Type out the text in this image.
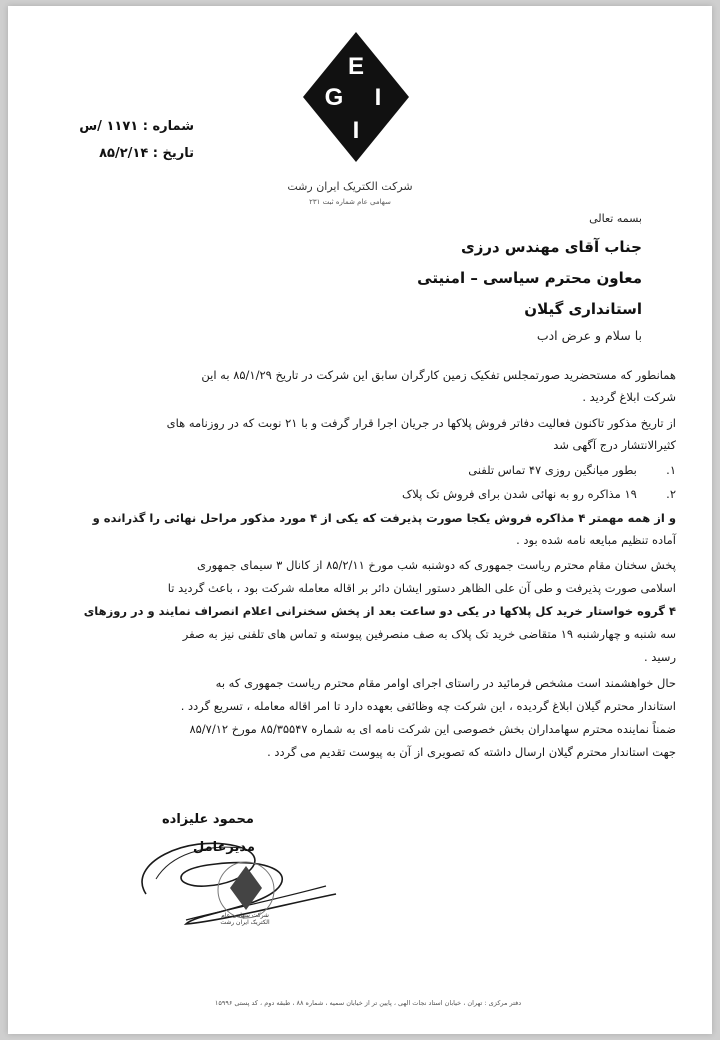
E
G I
I
شرکت الکتریک ایران رشت
سهامی عام شماره ثبت ۲۳۱
شماره : ۱۱۷۱ /س
تاریخ : ۸۵/۲/۱۴
بسمه تعالی
جناب آقای مهندس درزی
معاون محترم سیاسی – امنیتی
استانداری گیلان
با سلام و عرض ادب
همانطور که مستحضرید صورتمجلس تفکیک زمین کارگران سابق این شرکت در تاریخ ۸۵/۱/۲۹ به این
شرکت ابلاغ گردید .
از تاریخ مذکور تاکنون فعالیت دفاتر فروش پلاکها در جریان اجرا قرار گرفت و با ۲۱ نوبت که در روزنامه های
کثیرالانتشار درج آگهی شد
۱.  بطور میانگین روزی ۴۷ تماس تلفنی
۲.  ۱۹ مذاکره رو به نهائی شدن برای فروش تک پلاک
و از همه مهمتر ۴ مذاکره فروش یکجا صورت پذیرفت که یکی از ۴ مورد مذکور مراحل نهائی را گذرانده و
آماده تنظیم مبایعه نامه شده بود .
پخش سخنان مقام محترم ریاست جمهوری که دوشنبه شب مورخ ۸۵/۲/۱۱ از کانال ۳ سیمای جمهوری
اسلامی صورت پذیرفت و طی آن علی الظاهر دستور ایشان دائر بر اقاله معامله شرکت بود ، باعث گردید تا
۴ گروه خواستار خرید کل پلاکها در یکی دو ساعت بعد از پخش سخنرانی اعلام انصراف نمایند و در روزهای
سه شنبه و چهارشنبه ۱۹ متقاضی خرید تک پلاک به صف منصرفین پیوسته و تماس های تلفنی نیز به صفر
رسید .
حال خواهشمند است مشخص فرمائید در راستای اجرای اوامر مقام محترم ریاست جمهوری که به
استاندار محترم گیلان ابلاغ گردیده ، این شرکت چه وظائفی بعهده دارد تا امر اقاله معامله ، تسریع گردد .
ضمناً نماینده محترم سهامداران بخش خصوصی این شرکت نامه ای به شماره ۸۵/۳۵۵۴۷ مورخ ۸۵/۷/۱۲
جهت استاندار محترم گیلان ارسال داشته که تصویری از آن به پیوست تقدیم می گردد .
شرکت سهامی عام
الکتریک ایران رشت
محمود علیزاده
مدیرعامل
دفتر مرکزی : تهران ، خیابان استاد نجات الهی ، پایین تر از خیابان سمیه ، شماره ۸۸ ، طبقه دوم ، کد پستی ۱۵۹۹۶
